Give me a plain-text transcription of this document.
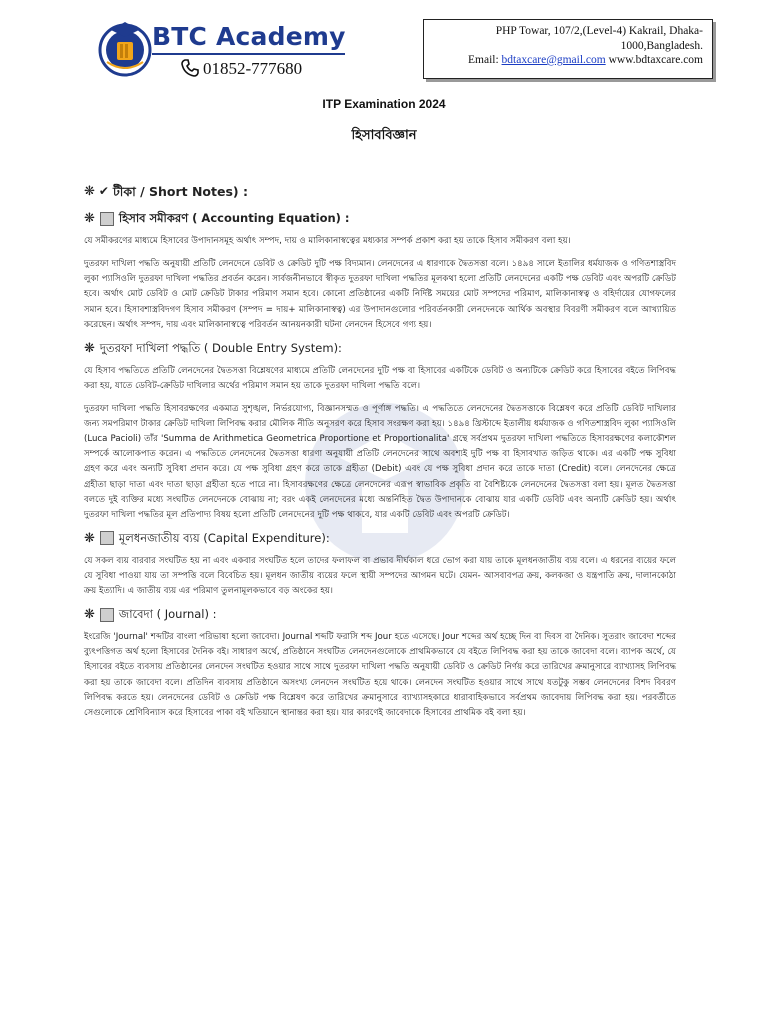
BTC Academy
01852-777680
PHP Towar, 107/2,(Level-4) Kakrail, Dhaka-
1000,Bangladesh.
Email: bdtaxcare@gmail.com www.bdtaxcare.com
ITP Examination 2024
হিসাববিজ্ঞান
❋ ✔ টীকা / Short Notes) :
❋ হিসাব সমীকরণ ( Accounting Equation) :

যে সমীকরণের মাধ্যমে হিসাবের উপাদানসমূহ অর্থাৎ সম্পদ, দায় ও মালিকানাস্বত্বের মধ্যকার সম্পর্ক প্রকাশ করা হয় তাকে হিসাব সমীকরণ বলা হয়।

দুতরফা দাখিলা পদ্ধতি অনুযায়ী প্রতিটি লেনদেনে ডেবিট ও ক্রেডিট দুটি পক্ষ বিদ্যমান। লেনদেনের এ ধারণাকে দ্বৈতসত্তা বলে। ১৪৯৪ সালে ইতালির ধর্মযাজক ও গণিতশাস্ত্রবিদ লুকা প্যাসিওলি দুতরফা দাখিলা পদ্ধতির প্রবর্তন করেন। সার্বজনীনভাবে স্বীকৃত দুতরফা দাখিলা পদ্ধতির মূলকথা হলো প্রতিটি লেনদেনের একটি পক্ষ ডেবিট এবং অপরটি ক্রেডিট হবে। অর্থাৎ মোট ডেবিট ও মোট ক্রেডিট টাকার পরিমাণ সমান হবে। কোনো প্রতিষ্ঠানের একটি নির্দিষ্ট সময়ের মোট সম্পদের পরিমাণ, মালিকানাস্বত্ব ও বহির্দায়ের যোগফলের সমান হবে। হিসাবশাস্ত্রবিদগণ হিসাব সমীকরণ (সম্পদ = দায়+ মালিকানাস্বত্ব) এর উপাদানগুলোর পরিবর্তনকারী লেনদেনকে আর্থিক অবস্থার বিবরণী সমীকরণ বলে আখ্যায়িত করেছেন। অর্থাৎ সম্পদ, দায় এবং মালিকানাস্বত্বে পরিবর্তন আনয়নকারী ঘটনা লেনদেন হিসেবে গণ্য হয়।

❋ দুতরফা দাখিলা পদ্ধতি ( Double Entry System):

যে হিসাব পদ্ধতিতে প্রতিটি লেনদেনের দ্বৈতসত্তা বিশ্লেষণের মাধ্যমে প্রতিটি লেনদেনের দুটি পক্ষ বা হিসাবের একটিকে ডেবিট ও অন্যটিকে ক্রেডিট করে হিসাবের বইতে লিপিবদ্ধ করা হয়, যাতে ডেবিট-ক্রেডিট দাখিলার অর্থের পরিমাণ সমান হয় তাকে দুতরফা দাখিলা পদ্ধতি বলে।

দুতরফা দাখিলা পদ্ধতি হিসাবরক্ষণের একমাত্র সুশৃঙ্খল, নির্ভরযোগ্য, বিজ্ঞানসম্মত ও পূর্ণাঙ্গ পদ্ধতি। এ পদ্ধতিতে লেনদেনের দ্বৈতসত্তাকে বিশ্লেষণ করে প্রতিটি ডেবিট দাখিলার জন্য সমপরিমাণ টাকার ক্রেডিট দাখিলা লিপিবদ্ধ করার মৌলিক নীতি অনুসরণ করে হিসাব সংরক্ষণ করা হয়। ১৪৯৪ খ্রিস্টাব্দে ইতালীয় ধর্মযাজক ও গণিতশাস্ত্রবিদ লুকা প্যাসিওলি (Luca Pacioli) তাঁর 'Summa de Arithmetica Geometrica Proportione et Proportionalita' গ্রন্থে সর্বপ্রথম দুতরফা দাখিলা পদ্ধতিতে হিসাবরক্ষণের কলাকৌশল সম্পর্কে আলোকপাত করেন। এ পদ্ধতিতে লেনদেনের দ্বৈতসত্তা ধারণা অনুযায়ী প্রতিটি লেনদেনের সাথে অবশ্যই দুটি পক্ষ বা হিসাবখাত জড়িত থাকে। এর একটি পক্ষ সুবিধা গ্রহণ করে এবং অন্যটি সুবিধা প্রদান করে। যে পক্ষ সুবিধা গ্রহণ করে তাকে গ্রহীতা (Debit) এবং যে পক্ষ সুবিধা প্রদান করে তাকে দাতা (Credit) বলে। লেনদেনের ক্ষেত্রে গ্রহীতা ছাড়া দাতা এবং দাতা ছাড়া গ্রহীতা হতে পারে না। হিসাবরক্ষণের ক্ষেত্রে লেনদেনের এরূপ স্বাভাবিক প্রকৃতি বা বৈশিষ্ট্যকে লেনদেনের দ্বৈতসত্তা বলা হয়। মূলত দ্বৈতসত্তা বলতে দুই ব্যক্তির মধ্যে সংঘটিত লেনদেনকে বোঝায় না; বরং একই লেনদেনের মধ্যে অন্তর্নিহিত দ্বৈত উপাদানকে বোঝায় যার একটি ডেবিট এবং অন্যটি ক্রেডিট হয়। অর্থাৎ দুতরফা দাখিলা পদ্ধতির মূল প্রতিপাদ্য বিষয় হলো প্রতিটি লেনদেনের দুটি পক্ষ থাকবে, যার একটি ডেবিট এবং অপরটি ক্রেডিট।

❋ মূলধনজাতীয় ব্যয় (Capital Expenditure):

যে সকল ব্যয় বারবার সংঘটিত হয় না এবং একবার সংঘটিত হলে তাদের ফলাফল বা প্রভাব দীর্ঘকাল ধরে ভোগ করা যায় তাকে মূলধনজাতীয় ব্যয় বলে। এ ধরনের ব্যয়ের ফলে যে সুবিধা পাওয়া যায় তা সম্পত্তি বলে বিবেচিত হয়। মূলধন জাতীয় ব্যয়ের ফলে স্থায়ী সম্পদের আগমন ঘটে। যেমন- আসবাবপত্র ক্রয়, কলকজা ও যন্ত্রপাতি ক্রয়, দালানকোঠা ক্রয় ইত্যাদি। এ জাতীয় ব্যয় এর পরিমাণ তুলনামূলকভাবে বড় অংকের হয়।

❋ জাবেদা ( Journal) :

ইংরেজি 'Journal' শব্দটির বাংলা পরিভাষা হলো জাবেদা। Journal শব্দটি ফরাসি শব্দ Jour হতে এসেছে। Jour শব্দের অর্থ হচ্ছে দিন বা দিবস বা দৈনিক। সুতরাং জাবেদা শব্দের ব্যুৎপত্তিগত অর্থ হলো হিসাবের দৈনিক বই। সাধারণ অর্থে, প্রতিষ্ঠানে সংঘটিত লেনদেনগুলোকে প্রাথমিকভাবে যে বইতে লিপিবদ্ধ করা হয় তাকে জাবেদা বলে। ব্যাপক অর্থে, যে হিসাবের বইতে ব্যবসায় প্রতিষ্ঠানের লেনদেন সংঘটিত হওয়ার সাথে সাথে দুতরফা দাখিলা পদ্ধতি অনুযায়ী ডেবিট ও ক্রেডিট নির্ণয় করে তারিখের ক্রমানুসারে ব্যাখ্যাসহ লিপিবদ্ধ করা হয় তাকে জাবেদা বলে। প্রতিদিন ব্যবসায় প্রতিষ্ঠানে অসংখ্য লেনদেন সংঘটিত হয়ে থাকে। লেনদেন সংঘটিত হওয়ার সাথে সাথে যতটুকু সম্ভব লেনদেনের বিশদ বিবরণ লিপিবদ্ধ করতে হয়। লেনদেনের ডেবিট ও ক্রেডিট পক্ষ বিশ্লেষণ করে তারিখের ক্রমানুসারে ব্যাখ্যাসহকারে ধারাবাহিকভাবে সর্বপ্রথম জাবেদায় লিপিবদ্ধ করা হয়। পরবর্তীতে সেগুলোকে শ্রেণিবিন্যাস করে হিসাবের পাকা বই খতিয়ানে স্থানান্তর করা হয়। যার কারণেই জাবেদাকে হিসাবের প্রাথমিক বই বলা হয়।
